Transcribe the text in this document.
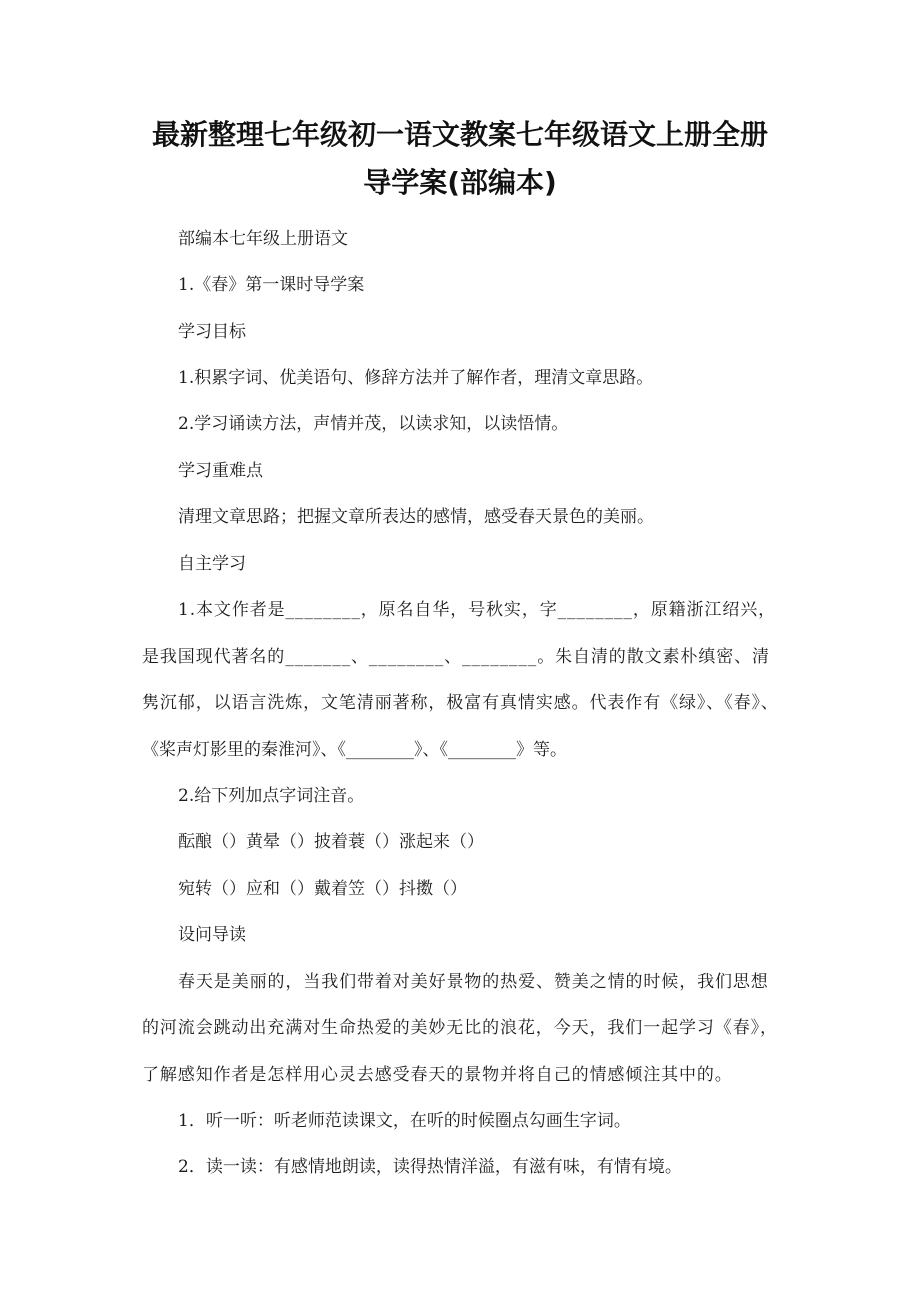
最新整理七年级初一语文教案七年级语文上册全册
导学案(部编本)
部编本七年级上册语文
1.《春》第一课时导学案
学习目标
1.积累字词、优美语句、修辞方法并了解作者，理清文章思路。
2.学习诵读方法，声情并茂，以读求知，以读悟情。
学习重难点
清理文章思路；把握文章所表达的感情，感受春天景色的美丽。
自主学习
1.本文作者是________，原名自华，号秋实，字________，原籍浙江绍兴，
是我国现代著名的_______、________、________。朱自清的散文素朴缜密、清
隽沉郁，以语言洗炼，文笔清丽著称，极富有真情实感。代表作有《绿》、《春》、
《桨声灯影里的秦淮河》、《________》、《________》等。
2.给下列加点字词注音。
酝酿（）黄晕（）披着蓑（）涨起来（）
宛转（）应和（）戴着笠（）抖擞（）
设问导读
春天是美丽的，当我们带着对美好景物的热爱、赞美之情的时候，我们思想
的河流会跳动出充满对生命热爱的美妙无比的浪花，今天，我们一起学习《春》，
了解感知作者是怎样用心灵去感受春天的景物并将自己的情感倾注其中的。
1．听一听：听老师范读课文，在听的时候圈点勾画生字词。
2．读一读：有感情地朗读，读得热情洋溢，有滋有味，有情有境。
